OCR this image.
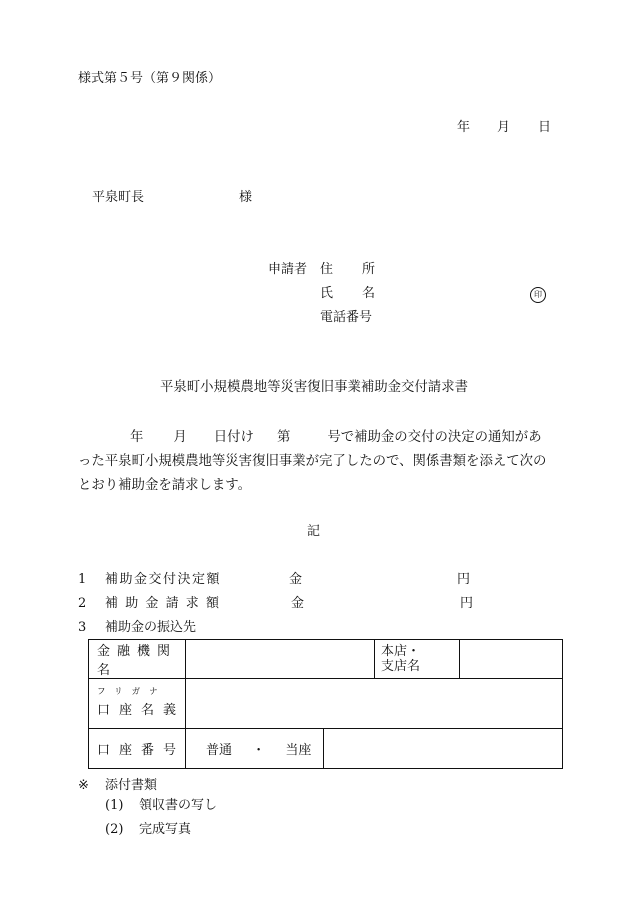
様式第５号（第９関係）
年 月 日
平泉町長	様
申請者 住 所
氏 名	印
電話番号
平泉町小規模農地等災害復旧事業補助金交付請求書
年 月 日付け 第	号で補助金の交付の決定の通知があ
った平泉町小規模農地等災害復旧事業が完了したので、関係書類を添えて次の
とおり補助金を請求します。
記
1 補助金交付決定額	金	円
2 補助金請求額	金	円
3 補助金の振込先
金融機関名			本店・
支店名	

フリガナ
口座名義				

口座番号	普通 ・ 当座			
※ 添付書類
(1) 領収書の写し
(2) 完成写真
